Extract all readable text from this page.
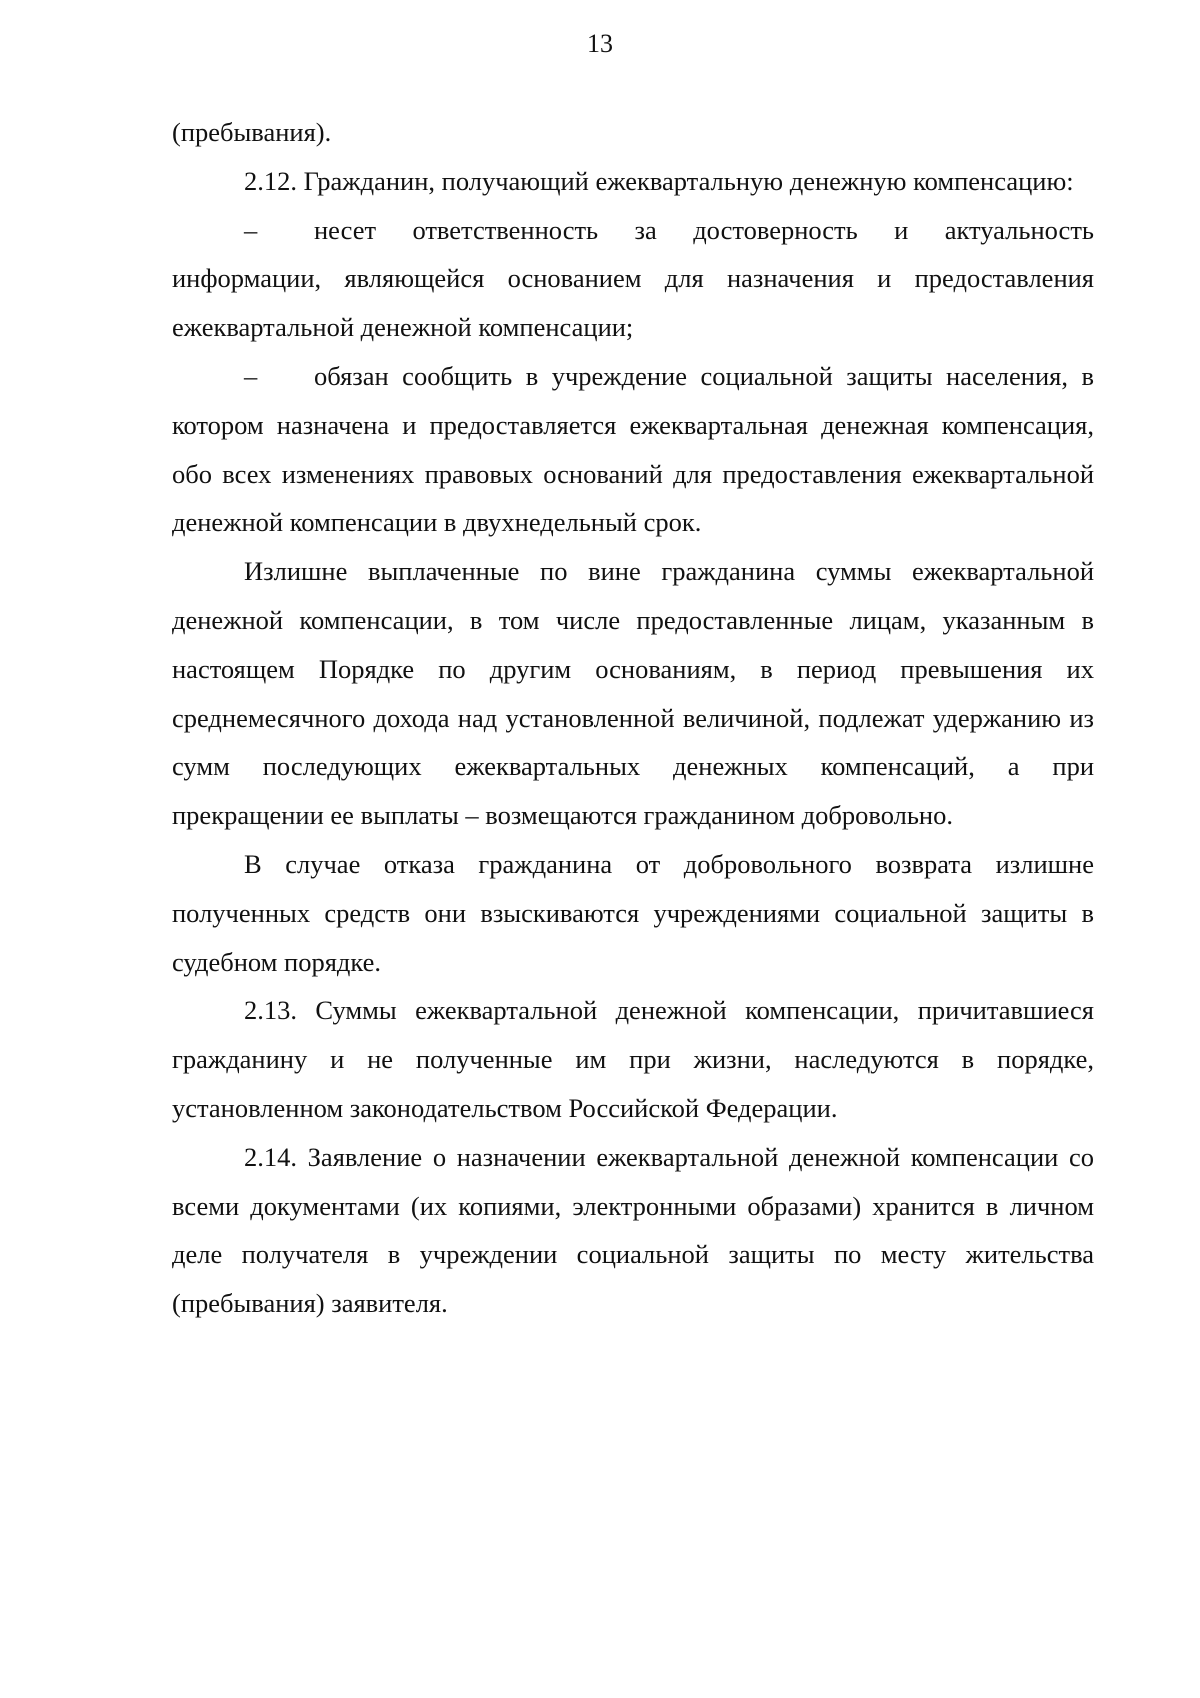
13

(пребывания).

2.12. Гражданин, получающий ежеквартальную денежную компенсацию:

– несет ответственность за достоверность и актуальность информации, являющейся основанием для назначения и предоставления ежеквартальной денежной компенсации;

– обязан сообщить в учреждение социальной защиты населения, в котором назначена и предоставляется ежеквартальная денежная компенсация, обо всех изменениях правовых оснований для предоставления ежеквартальной денежной компенсации в двухнедельный срок.

Излишне выплаченные по вине гражданина суммы ежеквартальной денежной компенсации, в том числе предоставленные лицам, указанным в настоящем Порядке по другим основаниям, в период превышения их среднемесячного дохода над установленной величиной, подлежат удержанию из сумм последующих ежеквартальных денежных компенсаций, а при прекращении ее выплаты – возмещаются гражданином добровольно.

В случае отказа гражданина от добровольного возврата излишне полученных средств они взыскиваются учреждениями социальной защиты в судебном порядке.

2.13. Суммы ежеквартальной денежной компенсации, причитавшиеся гражданину и не полученные им при жизни, наследуются в порядке, установленном законодательством Российской Федерации.

2.14. Заявление о назначении ежеквартальной денежной компенсации со всеми документами (их копиями, электронными образами) хранится в личном деле получателя в учреждении социальной защиты по месту жительства (пребывания) заявителя.
